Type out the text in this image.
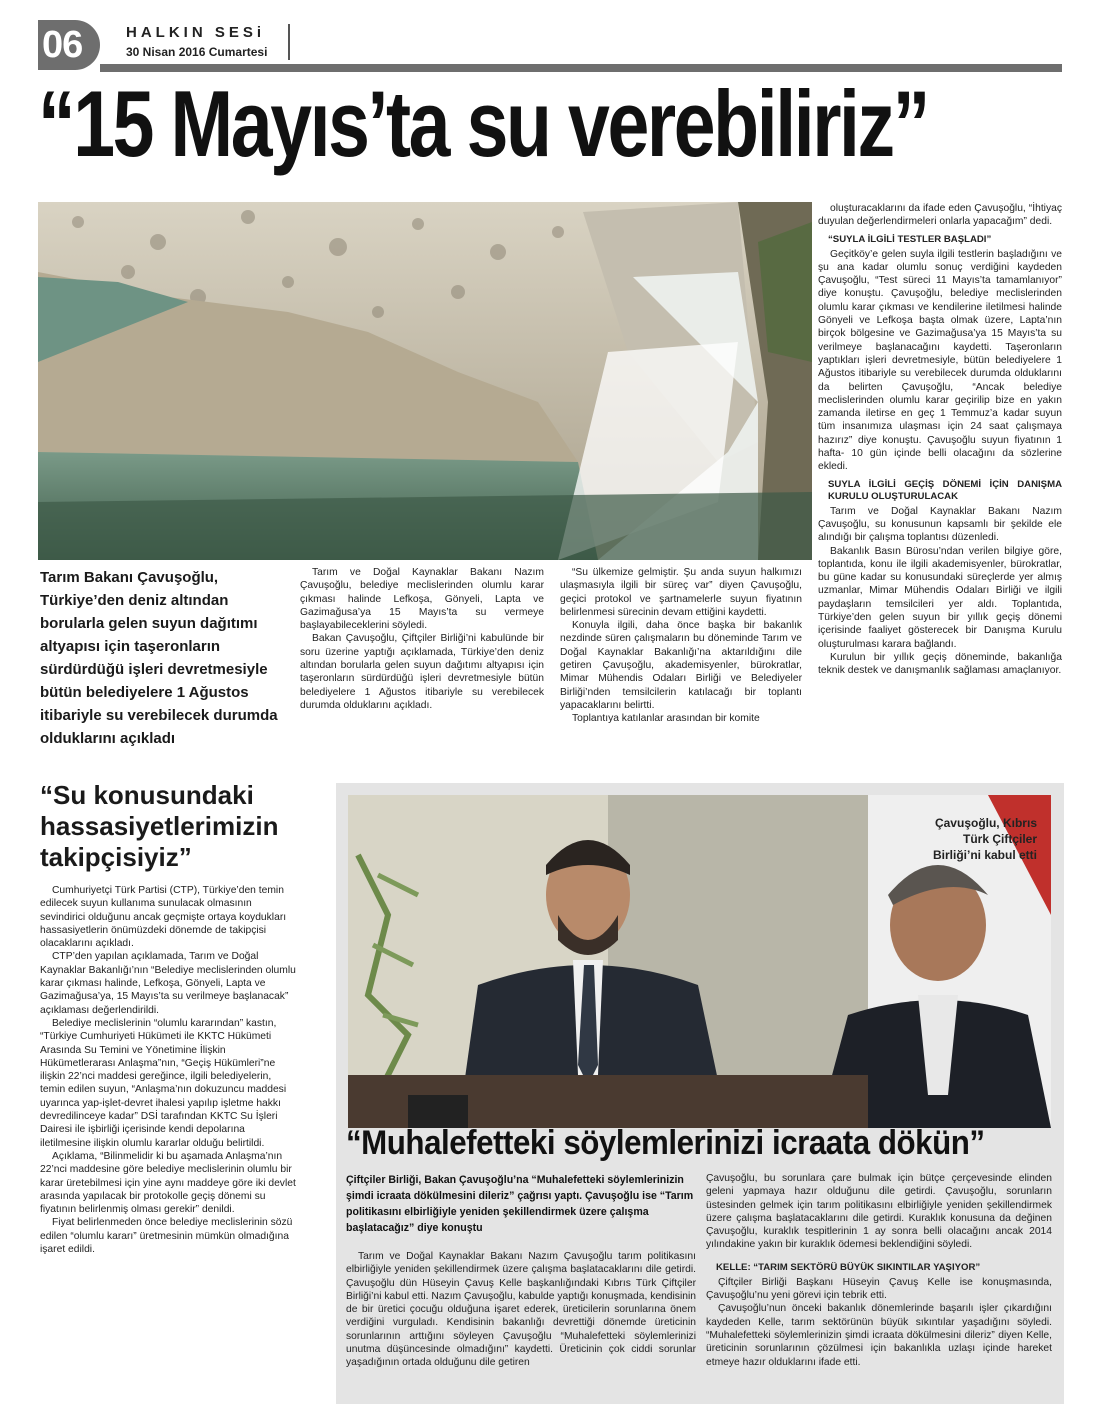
06	HALKIN SESi
30 Nisan 2016 Cumartesi
“15 Mayıs’ta su verebiliriz”
Tarım Bakanı Çavuşoğlu, Türkiye’den deniz altından borularla gelen suyun dağıtımı altyapısı için taşeronların sürdürdüğü işleri devretmesiyle bütün belediyelere 1 Ağustos itibariyle su verebilecek durumda olduklarını açıkladı

Tarım ve Doğal Kaynaklar Bakanı Nazım Çavuşoğlu, belediye meclislerinden olumlu karar çıkması halinde Lefkoşa, Gönyeli, Lapta ve Gazimağusa’ya 15 Mayıs’ta su vermeye başlayabileceklerini söyledi.

Bakan Çavuşoğlu, Çiftçiler Birliği’ni kabulünde bir soru üzerine yaptığı açıklamada, Türkiye’den deniz altından borularla gelen suyun dağıtımı altyapısı için taşeronların sürdürdüğü işleri devretmesiyle bütün belediyelere 1 Ağustos itibariyle su verebilecek durumda olduklarını açıkladı.

“Su ülkemize gelmiştir. Şu anda suyun halkımızı ulaşmasıyla ilgili bir süreç var” diyen Çavuşoğlu, geçici protokol ve şartnamelerle suyun fiyatının belirlenmesi sürecinin devam ettiğini kaydetti.

Konuyla ilgili, daha önce başka bir bakanlık nezdinde süren çalışmaların bu döneminde Tarım ve Doğal Kaynaklar Bakanlığı’na aktarıldığını dile getiren Çavuşoğlu, akademisyenler, bürokratlar, Mimar Mühendis Odaları Birliği ve Belediyeler Birliği’nden temsilcilerin katılacağı bir toplantı yapacaklarını belirtti.

Toplantıya katılanlar arasından bir komite

oluşturacaklarını da ifade eden Çavuşoğlu, “İhtiyaç duyulan değerlendirmeleri onlarla yapacağım” dedi.

“SUYLA İLGİLİ TESTLER BAŞLADI”

Geçitköy’e gelen suyla ilgili testlerin başladığını ve şu ana kadar olumlu sonuç verdiğini kaydeden Çavuşoğlu, “Test süreci 11 Mayıs’ta tamamlanıyor” diye konuştu. Çavuşoğlu, belediye meclislerinden olumlu karar çıkması ve kendilerine iletilmesi halinde Gönyeli ve Lefkoşa başta olmak üzere, Lapta’nın birçok bölgesine ve Gazimağusa’ya 15 Mayıs’ta su verilmeye başlanacağını kaydetti. Taşeronların yaptıkları işleri devretmesiyle, bütün belediyelere 1 Ağustos itibariyle su verebilecek durumda olduklarını da belirten Çavuşoğlu, “Ancak belediye meclislerinden olumlu karar geçirilip bize en yakın zamanda iletirse en geç 1 Temmuz’a kadar suyun tüm insanımıza ulaşması için 24 saat çalışmaya hazırız” diye konuştu. Çavuşoğlu suyun fiyatının 1 hafta- 10 gün içinde belli olacağını da sözlerine ekledi.

SUYLA İLGİLİ GEÇİŞ DÖNEMİ İÇİN DANIŞMA KURULU OLUŞTURULACAK

Tarım ve Doğal Kaynaklar Bakanı Nazım Çavuşoğlu, su konusunun kapsamlı bir şekilde ele alındığı bir çalışma toplantısı düzenledi.

Bakanlık Basın Bürosu’ndan verilen bilgiye göre, toplantıda, konu ile ilgili akademisyenler, bürokratlar, bu güne kadar su konusundaki süreçlerde yer almış uzmanlar, Mimar Mühendis Odaları Birliği ve ilgili paydaşların temsilcileri yer aldı. Toplantıda, Türkiye’den gelen suyun bir yıllık geçiş dönemi içerisinde faaliyet gösterecek bir Danışma Kurulu oluşturulması karara bağlandı.

Kurulun bir yıllık geçiş döneminde, bakanlığa teknik destek ve danışmanlık sağlaması amaçlanıyor.

“Su konusundaki hassasiyetlerimizin takipçisiyiz”

Cumhuriyetçi Türk Partisi (CTP), Türkiye’den temin edilecek suyun kullanıma sunulacak olmasının sevindirici olduğunu ancak geçmişte ortaya koydukları hassasiyetlerin önümüzdeki dönemde de takipçisi olacaklarını açıkladı.

CTP’den yapılan açıklamada, Tarım ve Doğal Kaynaklar Bakanlığı’nın “Belediye meclislerinden olumlu karar çıkması halinde, Lefkoşa, Gönyeli, Lapta ve Gazimağusa’ya, 15 Mayıs’ta su verilmeye başlanacak” açıklaması değerlendirildi.

Belediye meclislerinin “olumlu kararından” kastın, “Türkiye Cumhuriyeti Hükümeti ile KKTC Hükümeti Arasında Su Temini ve Yönetimine İlişkin Hükümetlerarası Anlaşma”nın, “Geçiş Hükümleri”ne ilişkin 22’nci maddesi gereğince, ilgili belediyelerin, temin edilen suyun, “Anlaşma’nın dokuzuncu maddesi uyarınca yap-işlet-devret ihalesi yapılıp işletme hakkı devredilinceye kadar” DSİ tarafından KKTC Su İşleri Dairesi ile işbirliği içerisinde kendi depolarına iletilmesine ilişkin olumlu kararlar olduğu belirtildi.

Açıklama, “Bilinmelidir ki bu aşamada Anlaşma’nın 22’nci maddesine göre belediye meclislerinin olumlu bir karar üretebilmesi için yine aynı maddeye göre iki devlet arasında yapılacak bir protokolle geçiş dönemi su fiyatının belirlenmiş olması gerekir” denildi.

Fiyat belirlenmeden önce belediye meclislerinin sözü edilen “olumlu kararı” üretmesinin mümkün olmadığına işaret edildi.

Çavuşoğlu, Kıbrıs Türk Çiftçiler Birliği’ni kabul etti
“Muhalefetteki söylemlerinizi icraata dökün”
Çiftçiler Birliği, Bakan Çavuşoğlu’na “Muhalefetteki söylemlerinizin şimdi icraata dökülmesini dileriz” çağrısı yaptı. Çavuşoğlu ise “Tarım politikasını elbirliğiyle yeniden şekillendirmek üzere çalışma başlatacağız” diye konuştu

Tarım ve Doğal Kaynaklar Bakanı Nazım Çavuşoğlu tarım politikasını elbirliğiyle yeniden şekillendirmek üzere çalışma başlatacaklarını dile getirdi. Çavuşoğlu dün Hüseyin Çavuş Kelle başkanlığındaki Kıbrıs Türk Çiftçiler Birliği’ni kabul etti. Nazım Çavuşoğlu, kabulde yaptığı konuşmada, kendisinin de bir üretici çocuğu olduğuna işaret ederek, üreticilerin sorunlarına önem verdiğini vurguladı. Kendisinin bakanlığı devrettiği dönemde üreticinin sorunlarının arttığını söyleyen Çavuşoğlu “Muhalefetteki söylemlerinizi unutma düşüncesinde olmadığını” kaydetti. Üreticinin çok ciddi sorunlar yaşadığının ortada olduğunu dile getiren

Çavuşoğlu, bu sorunlara çare bulmak için bütçe çerçevesinde elinden geleni yapmaya hazır olduğunu dile getirdi. Çavuşoğlu, sorunların üstesinden gelmek için tarım politikasını elbirliğiyle yeniden şekillendirmek üzere çalışma başlatacaklarını dile getirdi. Kuraklık konusuna da değinen Çavuşoğlu, kuraklık tespitlerinin 1 ay sonra belli olacağını ancak 2014 yılındakine yakın bir kuraklık ödemesi beklendiğini söyledi.

KELLE: “TARIM SEKTÖRÜ BÜYÜK SIKINTILAR YAŞIYOR”

Çiftçiler Birliği Başkanı Hüseyin Çavuş Kelle ise konuşmasında, Çavuşoğlu’nu yeni görevi için tebrik etti.

Çavuşoğlu’nun önceki bakanlık dönemlerinde başarılı işler çıkardığını kaydeden Kelle, tarım sektörünün büyük sıkıntılar yaşadığını söyledi. “Muhalefetteki söylemlerinizin şimdi icraata dökülmesini dileriz” diyen Kelle, üreticinin sorunlarının çözülmesi için bakanlıkla uzlaşı içinde hareket etmeye hazır olduklarını ifade etti.
